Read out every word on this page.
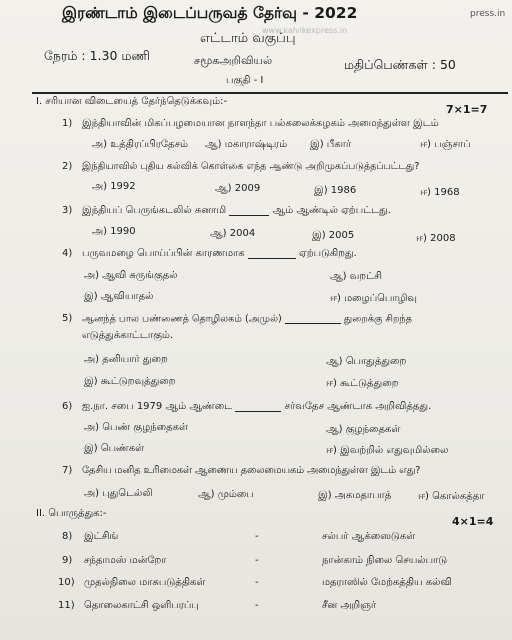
இரண்டாம் இடைப்பருவத் தேர்வு - 2022
www.kalvikexpress.in
press.in
எட்டாம் வகுப்பு
நேரம் : 1.30 மணி	சமூகஅறிவியல்	மதிப்பெண்கள் : 50
பகுதி - I
I. சரியான விடையைத் தேர்ந்தெடுக்கவும்:-
7×1=7
1) இந்தியாவின் மிகப்பழமையான நாளந்தா பல்கலைக்கழகம் அமைந்துள்ள இடம்
அ) உத்திரப்பிரதேசம் ஆ) மகாராஷ்டிரம் இ) பீகார்	ஈ) பஞ்சாப்
2) இந்தியாவில் புதிய கல்விக் கொள்கை எந்த ஆண்டு அறிமுகப்படுத்தப்பட்டது?
அ) 1992	ஆ) 2009	இ) 1986	ஈ) 1968
3) இந்தியப் பெருங்கடலில் சுனாமி	ஆம் ஆண்டில் ஏற்பட்டது.
அ) 1990	ஆ) 2004	இ) 2005	ஈ) 2008
4) பருவமழை பொய்ப்பின் காரணமாக	ஏற்படுகிறது.
அ) ஆவி சுருங்குதல்	ஆ) வறட்சி
இ) ஆவியாதல்	ஈ) மழைப்பொழிவு
5) ஆனந்த் பால பண்ணைத் தொழிலகம் (அமுல்)	துறைக்கு சிறந்த
எடுத்துக்காட்டாகும்.
அ) தனியார் துறை	ஆ) பொதுத்துறை
இ) கூட்டுறவுத்துறை	ஈ) கூட்டுத்துறை
6) ஐ.நா. சபை 1979 ஆம் ஆண்டை	சர்வதேச ஆண்டாக அறிவித்தது.
அ) பெண் குழந்தைகள்	ஆ) குழந்தைகள்
இ) பெண்கள்	ஈ) இவற்றில் எதுவுமில்லை
7) தேசிய மனித உரிமைகள் ஆணைய தலைமையகம் அமைந்துள்ள இடம் எது?
அ) புதுடெல்லி	ஆ) மும்பை	இ) அகமதாபாத்	ஈ) கொல்கத்தா
II. பொருத்துக:-
4×1=4
8) இட்சிங்	-	சல்பர் ஆக்ஸைடுகள்
9) சந்தாமஸ் மன்றோ	-	நான்காம் நிலை செயல்பாடு
10) முதல்நிலை மாசுபடுத்திகள்	-	மதராஸில் மேற்கத்திய கல்வி
11) தொலைகாட்சி ஒளிபரப்பு	-	சீன அறிஞர்
